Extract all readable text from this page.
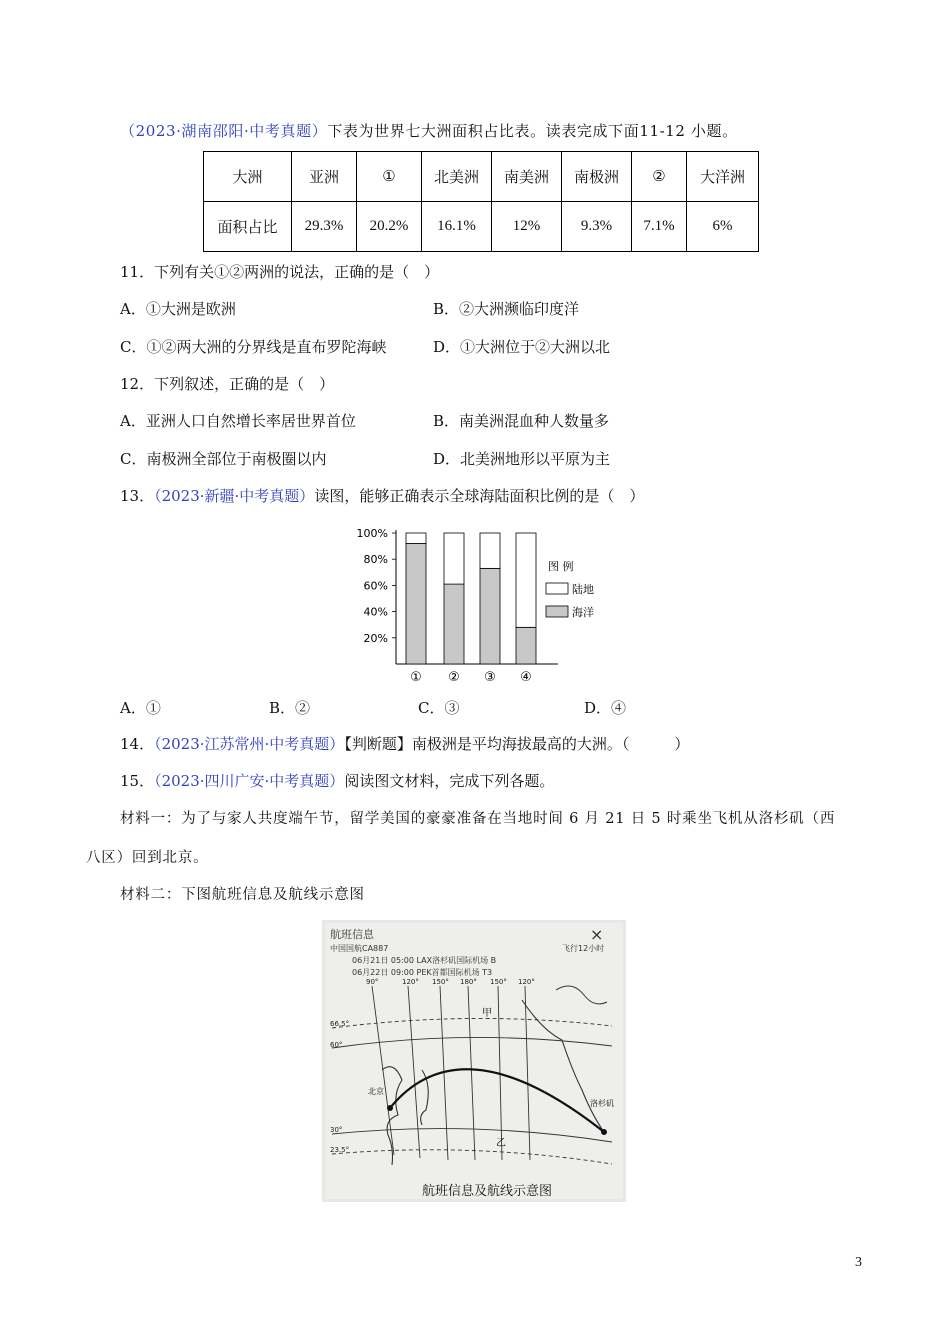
（2023·湖南邵阳·中考真题）下表为世界七大洲面积占比表。读表完成下面11-12 小题。
大洲	亚洲	①	北美洲	南美洲	南极洲	②	大洋洲
面积占比	29.3%	20.2%	16.1%	12%	9.3%	7.1%	6%
11．下列有关①②两洲的说法，正确的是（　）
A．①大洲是欧洲	B．②大洲濒临印度洋
C．①②两大洲的分界线是直布罗陀海峡	D．①大洲位于②大洲以北
12．下列叙述，正确的是（　）
A．亚洲人口自然增长率居世界首位	B．南美洲混血种人数量多
C．南极洲全部位于南极圈以内	D．北美洲地形以平原为主
13．（2023·新疆·中考真题）读图，能够正确表示全球海陆面积比例的是（　）
20%
40%
60%
80%
100%
① ② ③ ④
图 例
陆地
海洋
A．①	B．②	C．③	D．④
14．（2023·江苏常州·中考真题）【判断题】南极洲是平均海拔最高的大洲。（　　　）
15．（2023·四川广安·中考真题）阅读图文材料，完成下列各题。
材料一：为了与家人共度端午节，留学美国的豪豪准备在当地时间 6 月 21 日 5 时乘坐飞机从洛杉矶（西
八区）回到北京。
材料二：下图航班信息及航线示意图
航班信息	×
中国国航CA887	飞行12小时
06月21日 05:00 LAX洛杉矶国际机场 B
06月22日 09:00 PEK首都国际机场 T3
90°	120° 150° 180° 150° 120°
66.5°
60°
30°
23.5°
北京
洛杉矶
甲
乙
航班信息及航线示意图
3
